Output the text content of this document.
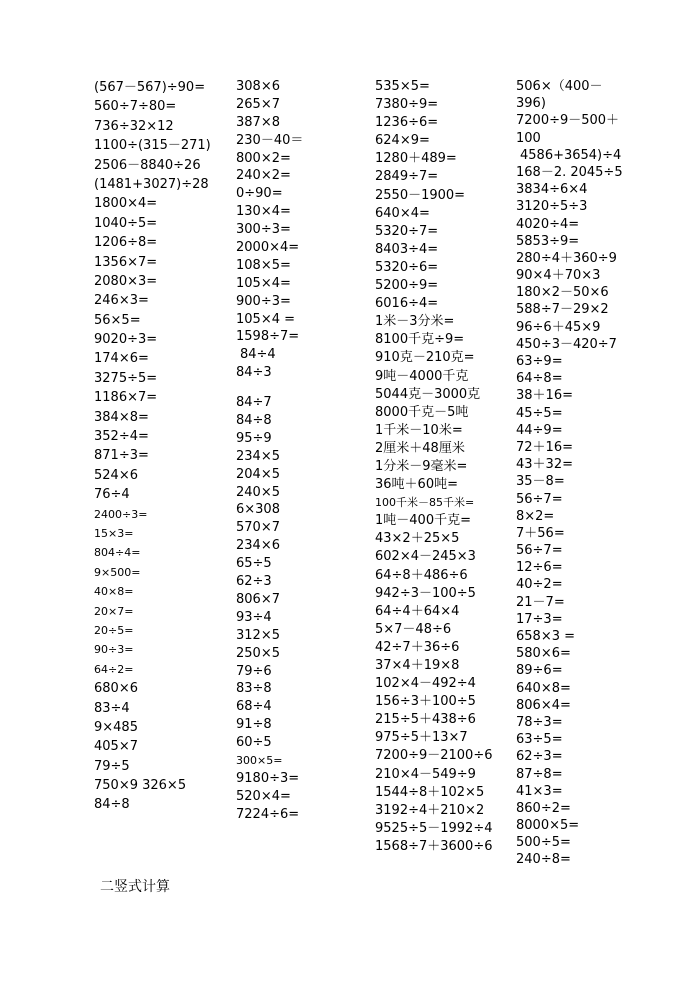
(567－567)÷90=
560÷7÷80=
736÷32×12
1100÷(315－271)
2506－8840÷26
(1481+3027)÷28
1800×4=
1040÷5=
1206÷8=
1356×7=
2080×3=
246×3=
56×5=
9020÷3=
174×6=
3275÷5=
1186×7=
384×8=
352÷4=
871÷3=
524×6
76÷4
2400÷3=
15×3=
804÷4=
9×500=
40×8=
20×7=
20÷5=
90÷3=
64÷2=
680×6
83÷4
9×485
405×7
79÷5
750×9 326×5
84÷8
308×6
265×7
387×8
230－40＝
800×2=
240×2=
0÷90=
130×4=
300÷3=
2000×4=
108×5=
105×4=
900÷3=
105×4 =
1598÷7=
84÷4
84÷3
84÷7
84÷8
95÷9
234×5
204×5
240×5
6×308
570×7
234×6
65÷5
62÷3
806×7
93÷4
312×5
250×5
79÷6
83÷8
68÷4
91÷8
60÷5
300×5=
9180÷3=
520×4=
7224÷6=
535×5=
7380÷9=
1236÷6=
624×9=
1280＋489=
2849÷7=
2550－1900=
640×4=
5320÷7=
8403÷4=
5320÷6=
5200÷9=
6016÷4=
1米－3分米=
8100千克÷9=
910克－210克=
9吨－4000千克
5044克－3000克
8000千克－5吨
1千米－10米=
2厘米＋48厘米
1分米－9毫米=
36吨＋60吨=
100千米－85千米=
1吨－400千克=
43×2＋25×5
602×4－245×3
64÷8＋486÷6
942÷3－100÷5
64÷4＋64×4
5×7－48÷6
42÷7＋36÷6
37×4＋19×8
102×4－492÷4
156÷3＋100÷5
215÷5＋438÷6
975÷5＋13×7
7200÷9－2100÷6
210×4－549÷9
1544÷8＋102×5
3192÷4＋210×2
9525÷5－1992÷4
1568÷7＋3600÷6
506×（400－
396)
7200÷9－500＋
100
4586+3654)÷4
168－2. 2045÷5
3834÷6×4
3120÷5÷3
4020÷4=
5853÷9=
280÷4＋360÷9
90×4＋70×3
180×2－50×6
588÷7－29×2
96÷6＋45×9
450÷3－420÷7
63÷9=
64÷8=
38＋16=
45÷5=
44÷9=
72＋16=
43＋32=
35－8=
56÷7=
8×2=
7＋56=
56÷7=
12÷6=
40÷2=
21－7=
17÷3=
658×3 =
580×6=
89÷6=
640×8=
806×4=
78÷3=
63÷5=
62÷3=
87÷8=
41×3=
860÷2=
8000×5=
500÷5=
240÷8=
二竖式计算
